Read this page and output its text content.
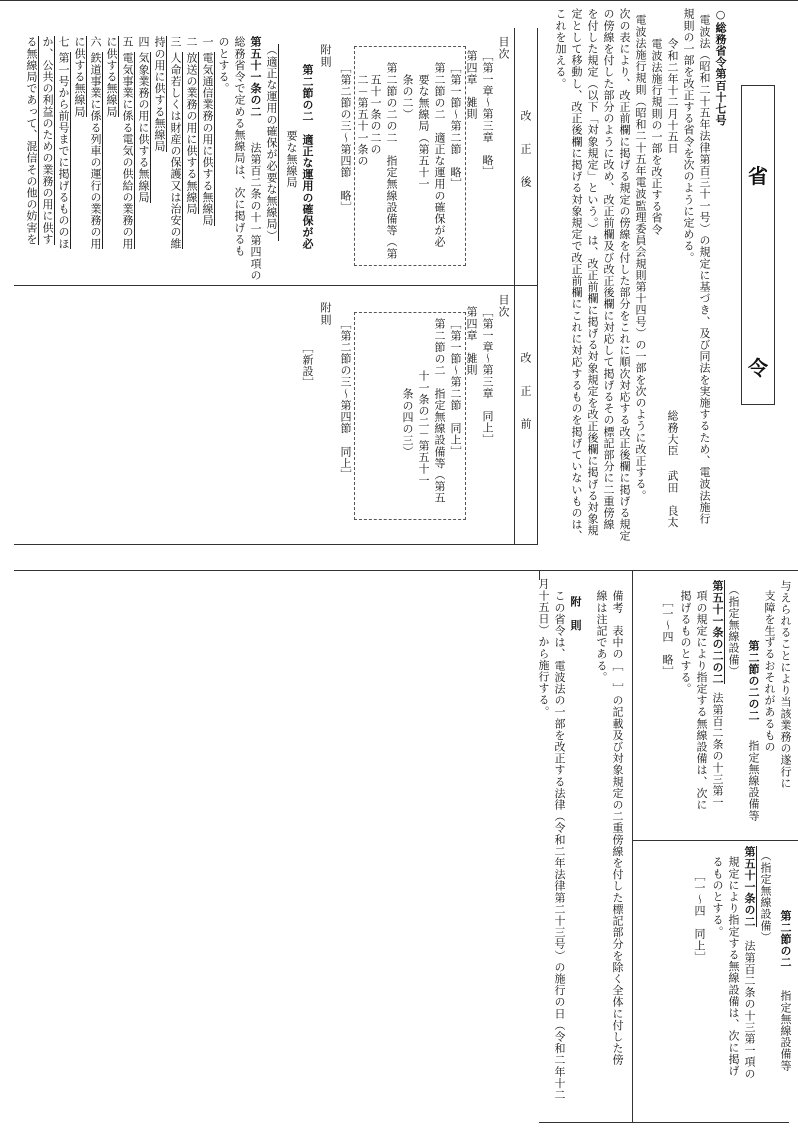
省
令
○総務省令第百十七号
電波法（昭和二十五年法律第百三十一号）の規定に基づき、及び同法を実施するため、電波法施行
規則の一部を改正する省令を次のように定める。
令和二年十二月十五日
総務大臣
武田　良太
電波法施行規則の一部を改正する省令
電波法施行規則（昭和二十五年電波監理委員会規則第十四号）の一部を次のように改正する。
次の表により、改正前欄に掲げる規定の傍線を付した部分をこれに順次対応する改正後欄に掲げる規定
の傍線を付した部分のように改め、改正前欄及び改正後欄に対応して掲げるその標記部分に二重傍線
を付した規定（以下「対象規定」という。）は、改正前欄に掲げる対象規定を改正後欄に掲げる対象規
定として移動し、改正後欄に掲げる対象規定で改正前欄にこれに対応するものを掲げていないものは、
これを加える。
改正後
改正前
目次
［第一章～第三章　略］
第四章　雑則
［第一節～第二節　略］
第二節の二　適正な運用の確保が必
　要な無線局（第五十一
　条の二）
第二節の二の二　指定無線設備等（第
　五十一条の二の
　二－第五十一条の
［第二節の三～第四節　略］
附則
第二節の二　適正な運用の確保が必
要な無線局
（適正な運用の確保が必要な無線局）
第五十一条の二
　法第百二条の十一第四項の
総務省令で定める無線局は、次に掲げるも
のとする。
一
電気通信業務の用に供する無線局
二
放送の業務の用に供する無線局
三
人命若しくは財産の保護又は治安の維
持の用に供する無線局
四
気象業務の用に供する無線局
五
電気事業に係る電気の供給の業務の用
に供する無線局
六
鉄道事業に係る列車の運行の業務の用
に供する無線局
七
第一号から前号までに掲げるもののほ
か、公共の利益のための業務の用に供す
る無線局であって、混信その他の妨害を
目次
［第一章～第三章　同上］
第四章　雑則
［第一節～第二節　同上］
第二節の二　指定無線設備等（第五
十一条の二－第五十一
条の四の三）
附則
［第二節の三～第四節　同上］
［新設］
与えられることにより当該業務の遂行に
支障を生ずるおそれがあるもの
第二節の二の二
指定無線設備等
（指定無線設備）
第五十一条の二の二
法第百二条の十三第一
項の規定により指定する無線設備は、次に
掲げるものとする。
［一～四　略］
第二節の二
指定無線設備等
（指定無線設備）
第五十一条の二
法第百二条の十三第一項の
規定により指定する無線設備は、次に掲げ
るものとする。
［一～四　同上］
備考　表中の［　］の記載及び対象規定の二重傍線を付した標記部分を除く全体に付した傍
線は注記である。
附　則
この省令は、電波法の一部を改正する法律（令和二年法律第二十三号）の施行の日（令和二年十二
月十五日）から施行する。
